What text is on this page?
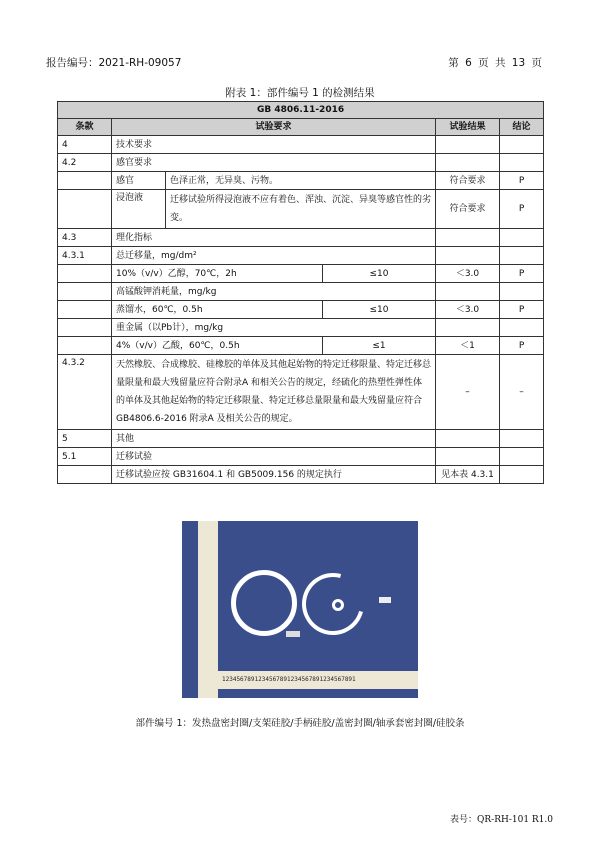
报告编号：2021-RH-09057	第 6 页 共 13 页
附表 1：部件编号 1 的检测结果
GB 4806.11-2016					
条款	试验要求			试验结果	结论
4	技术要求				
4.2	感官要求				
	感官	色泽正常，无异臭、污物。		符合要求	P
	浸泡液	迁移试验所得浸泡液不应有着色、浑浊、沉淀、异臭等感官性的劣变。		符合要求	P
4.3	理化指标				
4.3.1	总迁移量，mg/dm²				
	10%（v/v）乙醇，70℃，2h		≤10	＜3.0	P
	高锰酸钾消耗量，mg/kg				
	蒸馏水，60℃，0.5h		≤10	＜3.0	P
	重金属（以Pb计），mg/kg				
	4%（v/v）乙酸，60℃，0.5h		≤1	＜1	P
4.3.2	天然橡胶、合成橡胶、硅橡胶的单体及其他起始物的特定迁移限量、特定迁移总量限量和最大残留量应符合附录A 和相关公告的规定，经硫化的热塑性弹性体的单体及其他起始物的特定迁移限量、特定迁移总量限量和最大残留量应符合 GB4806.6-2016 附录A 及相关公告的规定。			–	–
5	其他				
5.1	迁移试验				
	迁移试验应按 GB31604.1 和 GB5009.156 的规定执行			见本表 4.3.1	
1234567891234567891234567891234567891
部件编号 1：发热盘密封圈/支架硅胶/手柄硅胶/盖密封圈/轴承套密封圈/硅胶条
表号：QR-RH-101 R1.0
